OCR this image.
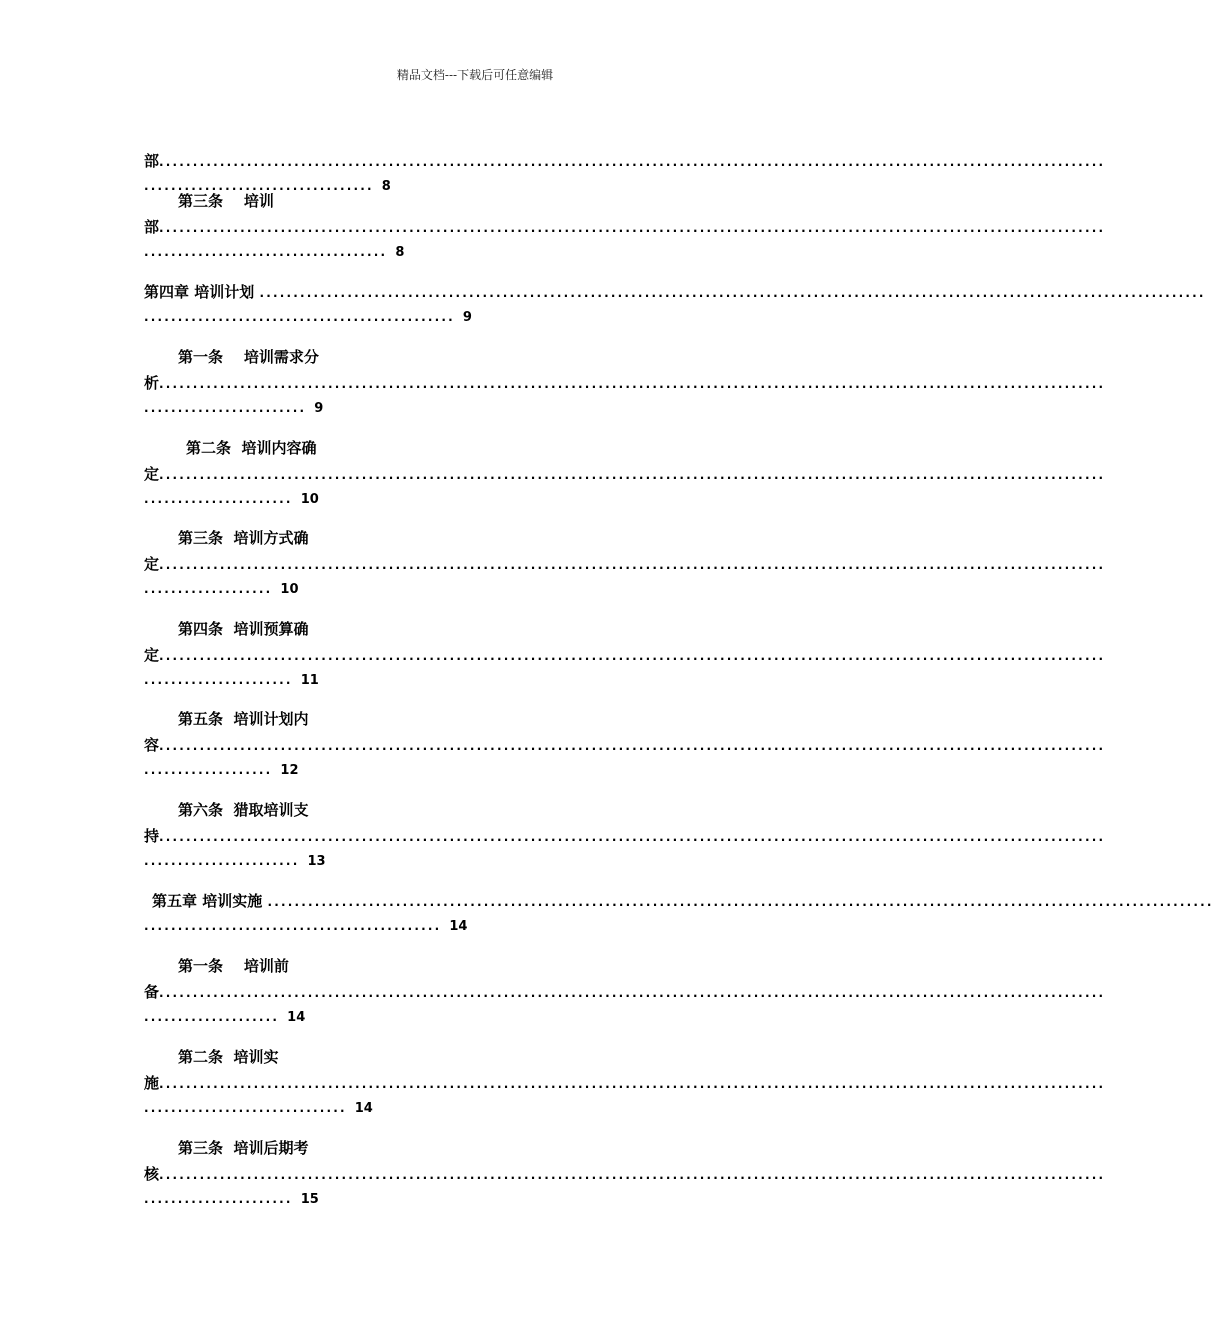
精品文档---下载后可任意编辑
部............................................................................................................................................
.................................. 8
第三条    培训
部............................................................................................................................................
.................................... 8
第四章 培训计划 ............................................................................................................................................
.............................................. 9
第一条    培训需求分
析............................................................................................................................................
........................ 9
第二条  培训内容确
定............................................................................................................................................
...................... 10
第三条  培训方式确
定............................................................................................................................................
................... 10
第四条  培训预算确
定............................................................................................................................................
...................... 11
第五条  培训计划内
容............................................................................................................................................
................... 12
第六条  猎取培训支
持............................................................................................................................................
....................... 13
第五章 培训实施 ............................................................................................................................................
............................................ 14
第一条    培训前
备............................................................................................................................................
.................... 14
第二条  培训实
施............................................................................................................................................
.............................. 14
第三条  培训后期考
核............................................................................................................................................
...................... 15
